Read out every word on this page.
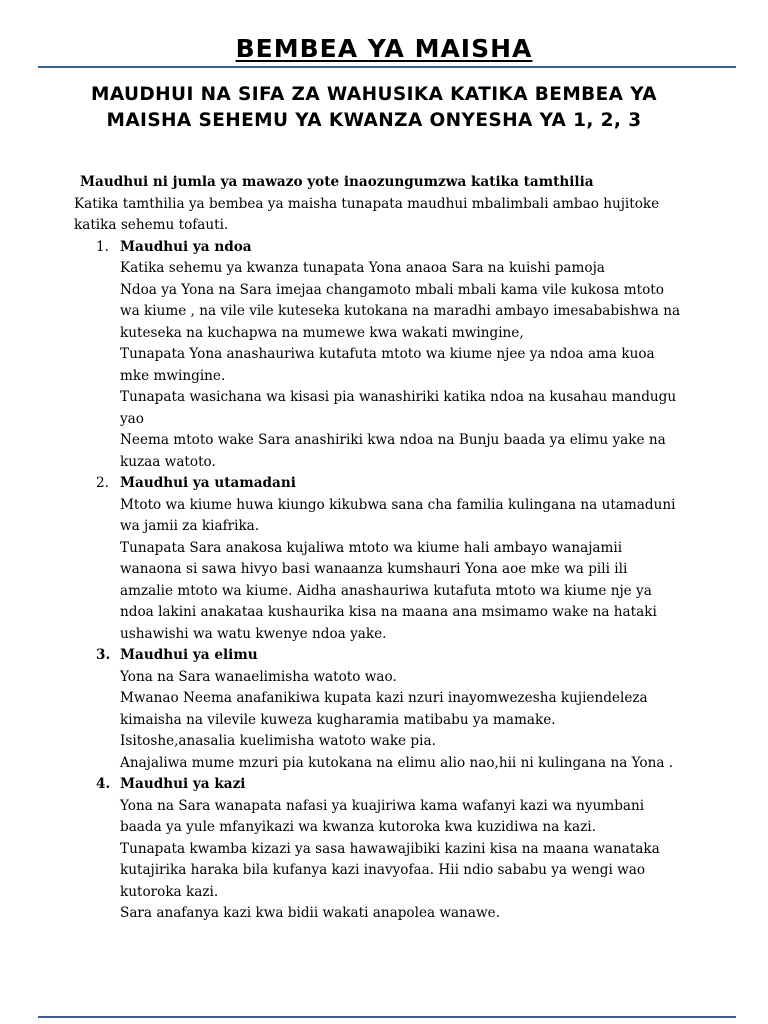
BEMBEA YA MAISHA
MAUDHUI NA SIFA ZA WAHUSIKA KATIKA BEMBEA YA MAISHA SEHEMU YA KWANZA ONYESHA YA 1, 2, 3

Maudhui ni jumla ya mawazo yote inaozungumzwa katika tamthilia

Katika tamthilia ya bembea ya maisha tunapata maudhui mbalimbali ambao hujitoke katika sehemu tofauti.

1. Maudhui ya ndoa
Katika sehemu ya kwanza tunapata Yona anaoa Sara na kuishi pamoja
Ndoa ya Yona na Sara imejaa changamoto mbali mbali kama vile kukosa mtoto wa kiume , na vile vile kuteseka kutokana na maradhi ambayo imesababishwa na kuteseka na kuchapwa na mumewe kwa wakati mwingine,
Tunapata Yona anashauriwa kutafuta mtoto wa kiume njee ya ndoa ama kuoa mke mwingine.
Tunapata wasichana wa kisasi pia wanashiriki katika ndoa na kusahau mandugu yao
Neema mtoto wake Sara anashiriki kwa ndoa na Bunju baada ya elimu yake na kuzaa watoto.
2. Maudhui ya utamadani
Mtoto wa kiume huwa kiungo kikubwa sana cha familia kulingana na utamaduni wa jamii za kiafrika.
Tunapata Sara anakosa kujaliwa mtoto wa kiume hali ambayo wanajamii wanaona si sawa hivyo basi wanaanza kumshauri Yona aoe mke wa pili ili amzalie mtoto wa kiume. Aidha anashauriwa kutafuta mtoto wa kiume nje ya ndoa lakini anakataa kushaurika kisa na maana ana msimamo wake na hataki ushawishi wa watu kwenye ndoa yake.
3. Maudhui ya elimu
Yona na Sara wanaelimisha watoto wao.
Mwanao Neema anafanikiwa kupata kazi nzuri inayomwezesha kujiendeleza kimaisha na vilevile kuweza kugharamia matibabu ya mamake.
Isitoshe,anasalia kuelimisha watoto wake pia.
Anajaliwa mume mzuri pia kutokana na elimu alio nao,hii ni kulingana na Yona .
4. Maudhui ya kazi
Yona na Sara wanapata nafasi ya kuajiriwa kama wafanyi kazi wa nyumbani baada ya yule mfanyikazi wa kwanza kutoroka kwa kuzidiwa na kazi.
Tunapata kwamba kizazi ya sasa hawawajibiki kazini kisa na maana wanataka kutajirika haraka bila kufanya kazi inavyofaa. Hii ndio sababu ya wengi wao kutoroka kazi.
Sara anafanya kazi kwa bidii wakati anapolea wanawe.
